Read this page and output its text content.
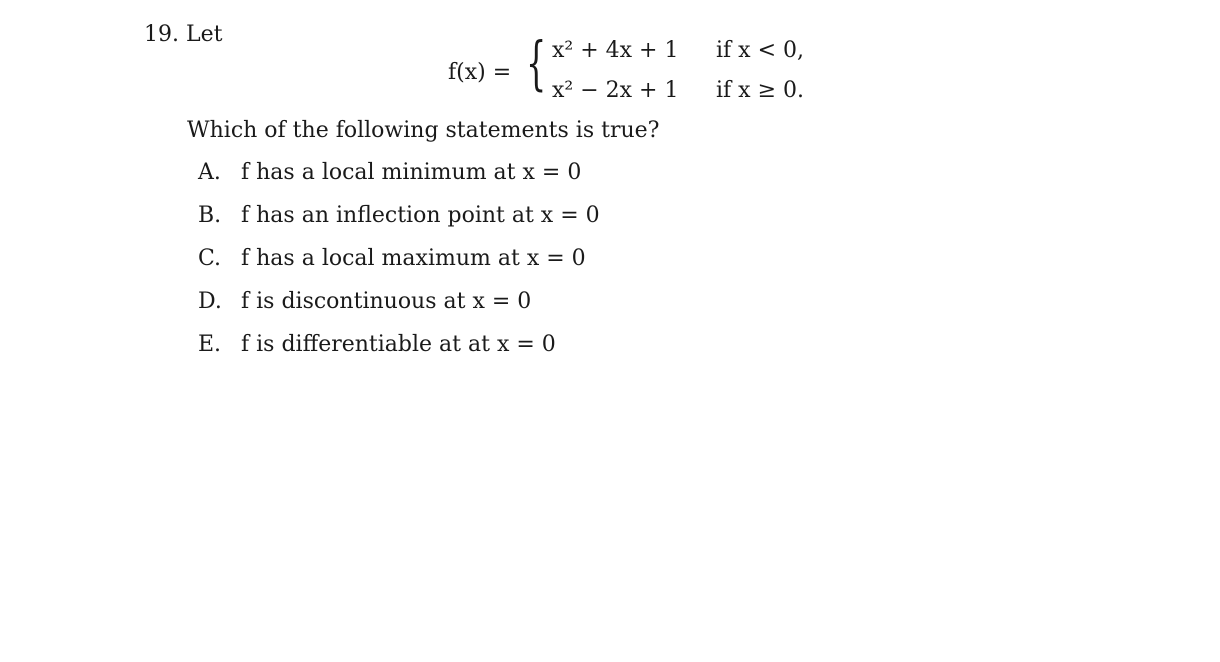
19. Let
f(x) = { x² + 4x + 1 if x < 0,
x² − 2x + 1 if x ≥ 0.
Which of the following statements is true?
A. f has a local minimum at x = 0
B. f has an inflection point at x = 0
C. f has a local maximum at x = 0
D. f is discontinuous at x = 0
E. f is differentiable at at x = 0
